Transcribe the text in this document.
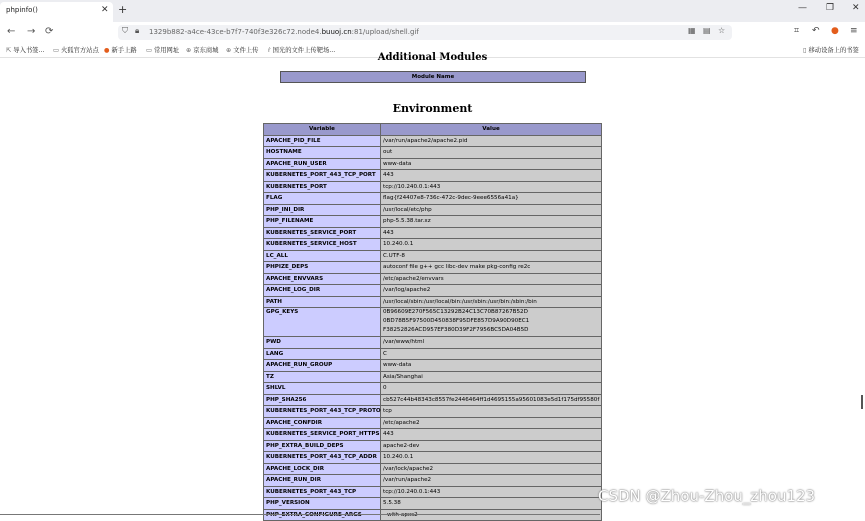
phpinfo()	✕ +	— ❐ ✕
← → ⟳	⛉ 🔒︎ 1329b882-a4ce-43ce-b7f7-740f3e326c72.node4.buuoj.cn:81/upload/shell.gif	▦ ▤ ☆	⌗ ↶ ● ≡
⇱ 导入书签... ▭ 火狐官方站点 ● 新手上路 ▭ 常用网址 ⊕ 京东商城 ⊕ 文件上传 ṙ 国光的文件上传靶场...	▯ 移动设备上的书签
Additional Modules
Module Name
Environment
Variable	Value
APACHE_PID_FILE	/var/run/apache2/apache2.pid
HOSTNAME	out
APACHE_RUN_USER	www-data
KUBERNETES_PORT_443_TCP_PORT	443
KUBERNETES_PORT	tcp://10.240.0.1:443
FLAG	flag{f24407e8-736c-472c-9dec-9eee6556a41a}
PHP_INI_DIR	/usr/local/etc/php
PHP_FILENAME	php-5.5.38.tar.xz
KUBERNETES_SERVICE_PORT	443
KUBERNETES_SERVICE_HOST	10.240.0.1
LC_ALL	C.UTF-8
PHPIZE_DEPS	autoconf file g++ gcc libc-dev make pkg-config re2c
APACHE_ENVVARS	/etc/apache2/envvars
APACHE_LOG_DIR	/var/log/apache2
PATH	/usr/local/sbin:/usr/local/bin:/usr/sbin:/usr/bin:/sbin:/bin
GPG_KEYS	0B96609E270F565C13292B24C13C70B87267B52D 0BD78B5F97500D450838F95DFE857D9A90D90EC1 F38252826ACD957EF380D39F2F7956BC5DA04B5D
PWD	/var/www/html
LANG	C
APACHE_RUN_GROUP	www-data
TZ	Asia/Shanghai
SHLVL	0
PHP_SHA256	cb527c44b48343c8557fe2446464ff1d4695155a95601083e5d1f175df95580f
KUBERNETES_PORT_443_TCP_PROTO	tcp
APACHE_CONFDIR	/etc/apache2
KUBERNETES_SERVICE_PORT_HTTPS	443
PHP_EXTRA_BUILD_DEPS	apache2-dev
KUBERNETES_PORT_443_TCP_ADDR	10.240.0.1
APACHE_LOCK_DIR	/var/lock/apache2
APACHE_RUN_DIR	/var/run/apache2
KUBERNETES_PORT_443_TCP	tcp://10.240.0.1:443
PHP_VERSION	5.5.38
		CSDN @Zhou-Zhou_zhou123
